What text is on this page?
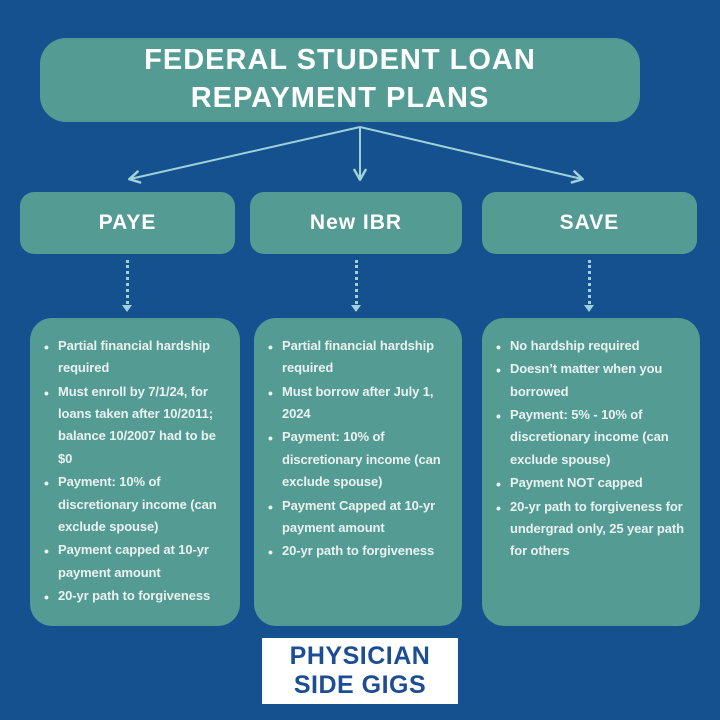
FEDERAL STUDENT LOAN REPAYMENT PLANS
PAYE	New IBR	SAVE
• Partial financial hardship required
• Must enroll by 7/1/24, for loans taken after 10/2011; balance 10/2007 had to be $0
• Payment: 10% of discretionary income (can exclude spouse)
• Payment capped at 10-yr payment amount
• 20-yr path to forgiveness
• Partial financial hardship required
• Must borrow after July 1, 2024
• Payment: 10% of discretionary income (can exclude spouse)
• Payment Capped at 10-yr payment amount
• 20-yr path to forgiveness
• No hardship required
• Doesn’t matter when you borrowed
• Payment: 5% - 10% of discretionary income (can exclude spouse)
• Payment NOT capped
• 20-yr path to forgiveness for undergrad only, 25 year path for others
PHYSICIAN
SIDE GIGS
